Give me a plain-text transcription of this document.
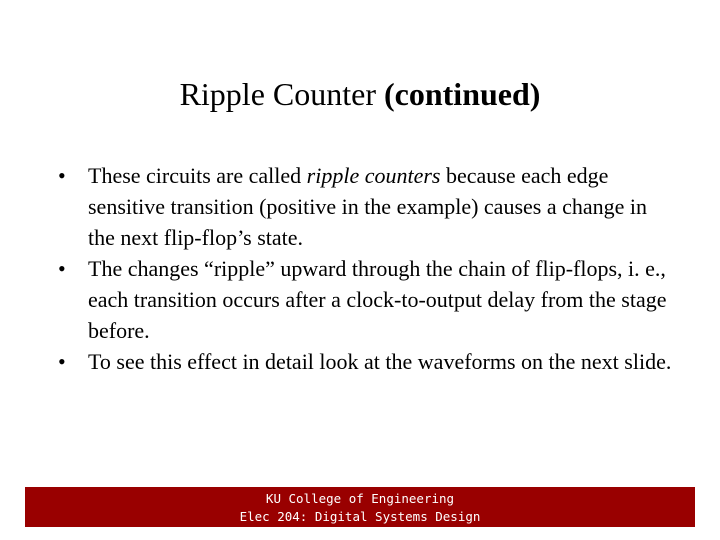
Ripple Counter (continued)
•	These circuits are called ripple counters because each edge sensitive transition (positive in the example) causes a change in the next flip-flop’s state.
•	The changes “ripple” upward through the chain of flip-flops, i. e., each transition occurs after a clock-to-output delay from the stage before.
•	To see this effect in detail look at the waveforms on the next slide.
KU College of Engineering
Elec 204: Digital Systems Design
